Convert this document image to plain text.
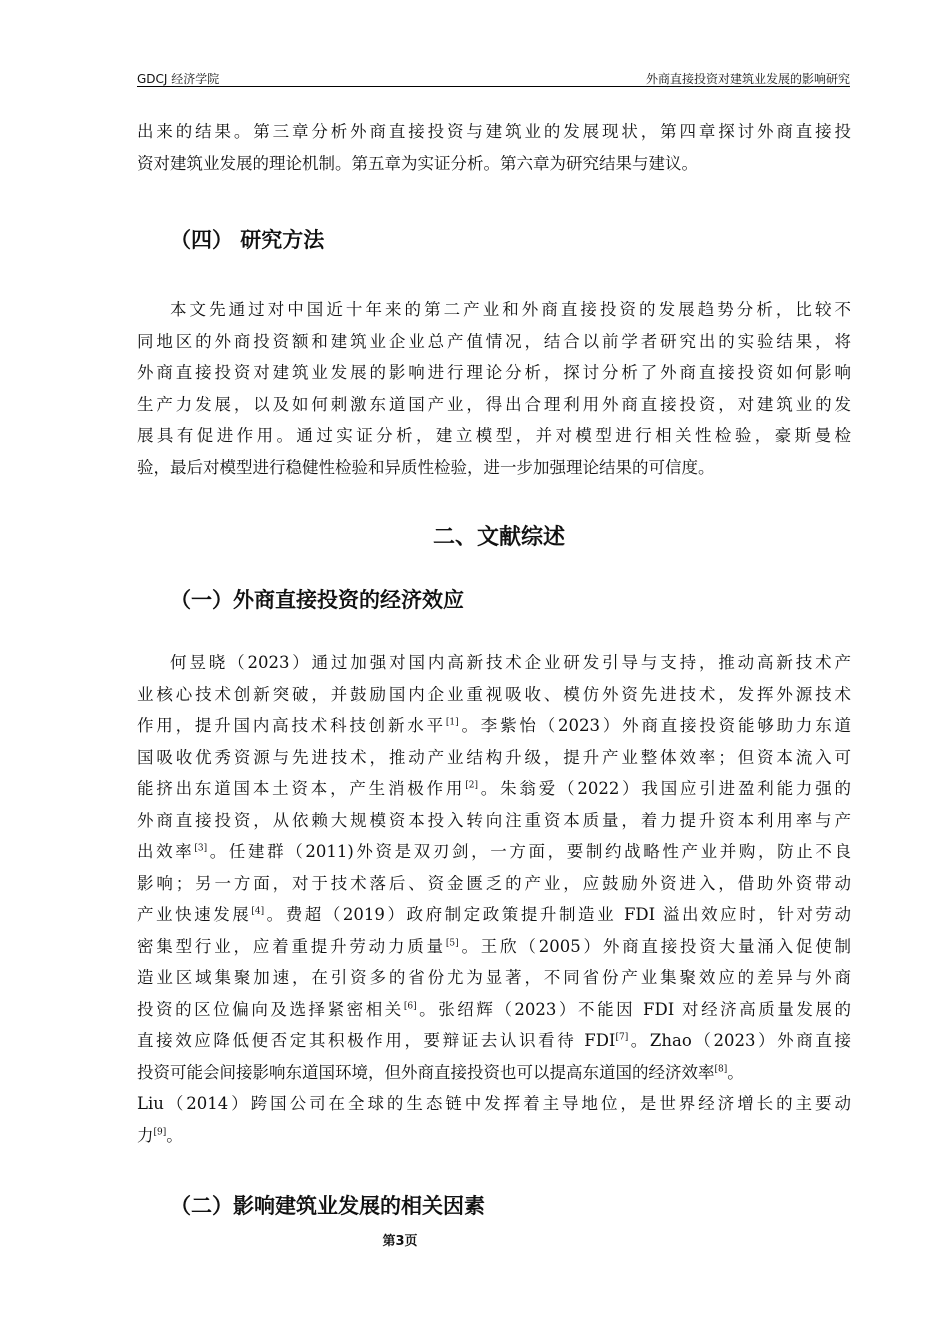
GDCJ 经济学院	外商直接投资对建筑业发展的影响研究
出来的结果。第三章分析外商直接投资与建筑业的发展现状，第四章探讨外商直接投
资对建筑业发展的理论机制。第五章为实证分析。第六章为研究结果与建议。
（四） 研究方法
本文先通过对中国近十年来的第二产业和外商直接投资的发展趋势分析，比较不
同地区的外商投资额和建筑业企业总产值情况，结合以前学者研究出的实验结果，将
外商直接投资对建筑业发展的影响进行理论分析，探讨分析了外商直接投资如何影响
生产力发展，以及如何刺激东道国产业，得出合理利用外商直接投资，对建筑业的发
展具有促进作用。通过实证分析，建立模型，并对模型进行相关性检验，豪斯曼检
验，最后对模型进行稳健性检验和异质性检验，进一步加强理论结果的可信度。
二、文献综述
（一）外商直接投资的经济效应
何昱晓（2023）通过加强对国内高新技术企业研发引导与支持，推动高新技术产
业核心技术创新突破，并鼓励国内企业重视吸收、模仿外资先进技术，发挥外源技术
作用，提升国内高技术科技创新水平[1]。李紫怡（2023）外商直接投资能够助力东道
国吸收优秀资源与先进技术，推动产业结构升级，提升产业整体效率；但资本流入可
能挤出东道国本土资本，产生消极作用[2]。朱翁爱（2022）我国应引进盈利能力强的
外商直接投资，从依赖大规模资本投入转向注重资本质量，着力提升资本利用率与产
出效率[3]。任建群（2011)外资是双刃剑，一方面，要制约战略性产业并购，防止不良
影响；另一方面，对于技术落后、资金匮乏的产业，应鼓励外资进入，借助外资带动
产业快速发展[4]。费超（2019）政府制定政策提升制造业 FDI 溢出效应时，针对劳动
密集型行业，应着重提升劳动力质量[5]。王欣（2005）外商直接投资大量涌入促使制
造业区域集聚加速，在引资多的省份尤为显著，不同省份产业集聚效应的差异与外商
投资的区位偏向及选择紧密相关[6]。张绍辉（2023）不能因 FDI 对经济高质量发展的
直接效应降低便否定其积极作用，要辩证去认识看待 FDI[7]。Zhao（2023）外商直接
投资可能会间接影响东道国环境，但外商直接投资也可以提高东道国的经济效率[8]。
Liu（2014）跨国公司在全球的生态链中发挥着主导地位，是世界经济增长的主要动
力[9]。
（二）影响建筑业发展的相关因素
第3页
